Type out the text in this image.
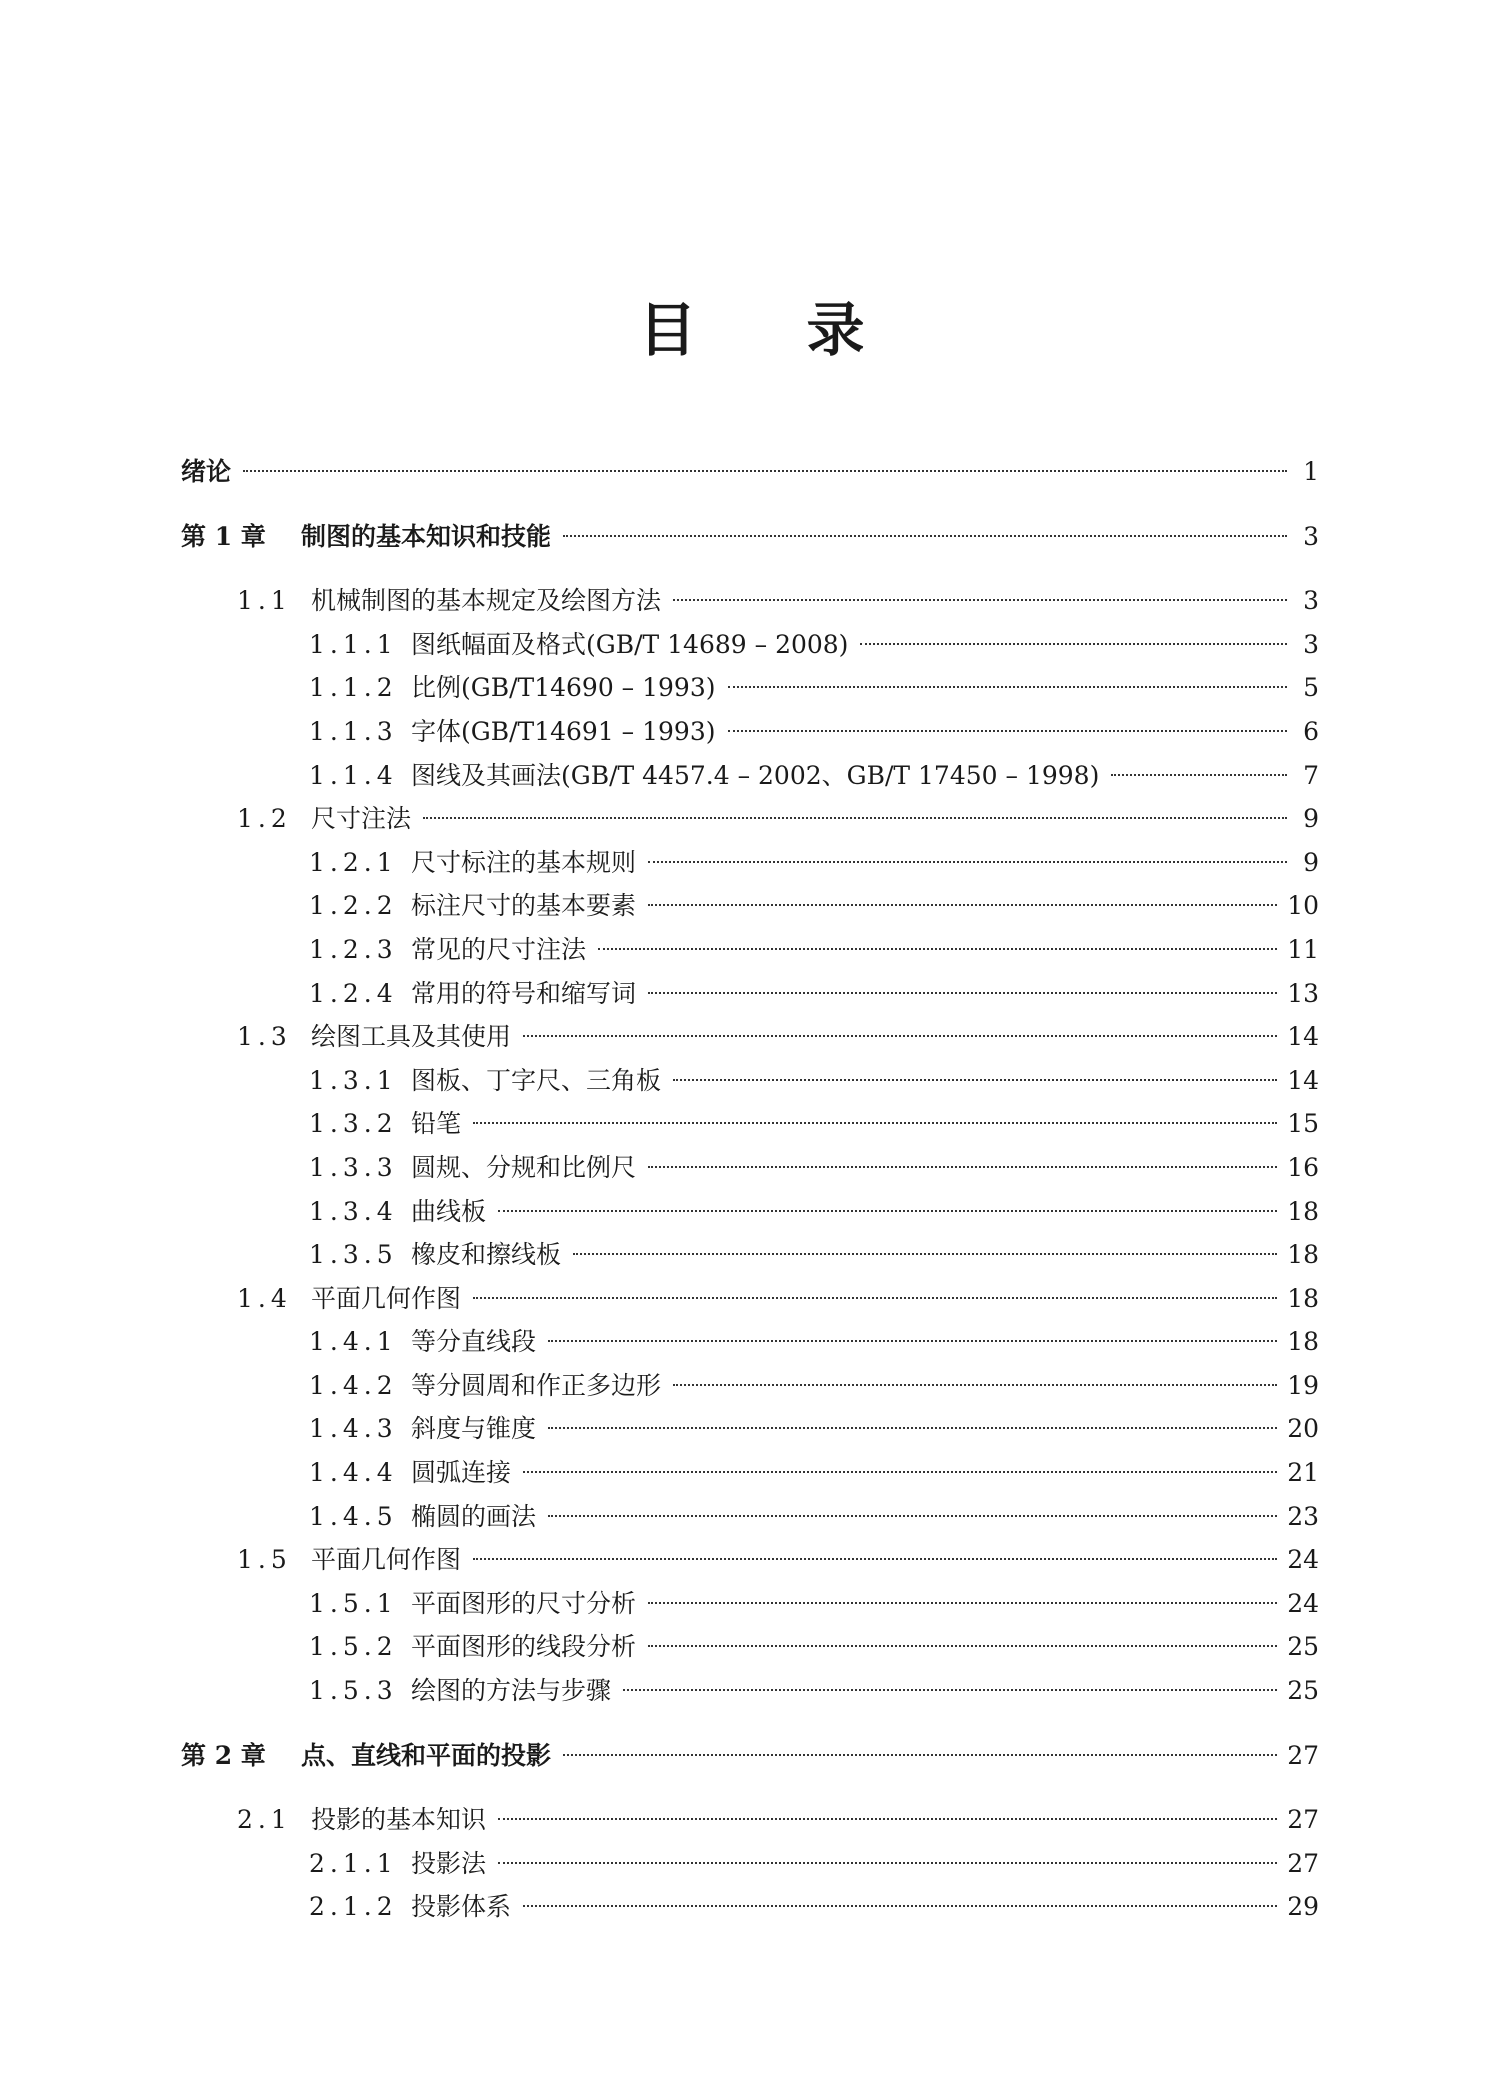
目 录
绪论	1
第 1 章	制图的基本知识和技能	3
1.1 机械制图的基本规定及绘图方法	3
1.1.1 图纸幅面及格式(GB/T 14689 – 2008)	3
1.1.2 比例(GB/T14690 – 1993)	5
1.1.3 字体(GB/T14691 – 1993)	6
1.1.4 图线及其画法(GB/T 4457.4 – 2002、GB/T 17450 – 1998)	7
1.2 尺寸注法	9
1.2.1 尺寸标注的基本规则	9
1.2.2 标注尺寸的基本要素	10
1.2.3 常见的尺寸注法	11
1.2.4 常用的符号和缩写词	13
1.3 绘图工具及其使用	14
1.3.1 图板、丁字尺、三角板	14
1.3.2 铅笔	15
1.3.3 圆规、分规和比例尺	16
1.3.4 曲线板	18
1.3.5 橡皮和擦线板	18
1.4 平面几何作图	18
1.4.1 等分直线段	18
1.4.2 等分圆周和作正多边形	19
1.4.3 斜度与锥度	20
1.4.4 圆弧连接	21
1.4.5 椭圆的画法	23
1.5 平面几何作图	24
1.5.1 平面图形的尺寸分析	24
1.5.2 平面图形的线段分析	25
1.5.3 绘图的方法与步骤	25
第 2 章	点、直线和平面的投影	27
2.1 投影的基本知识	27
2.1.1 投影法	27
2.1.2 投影体系	29
